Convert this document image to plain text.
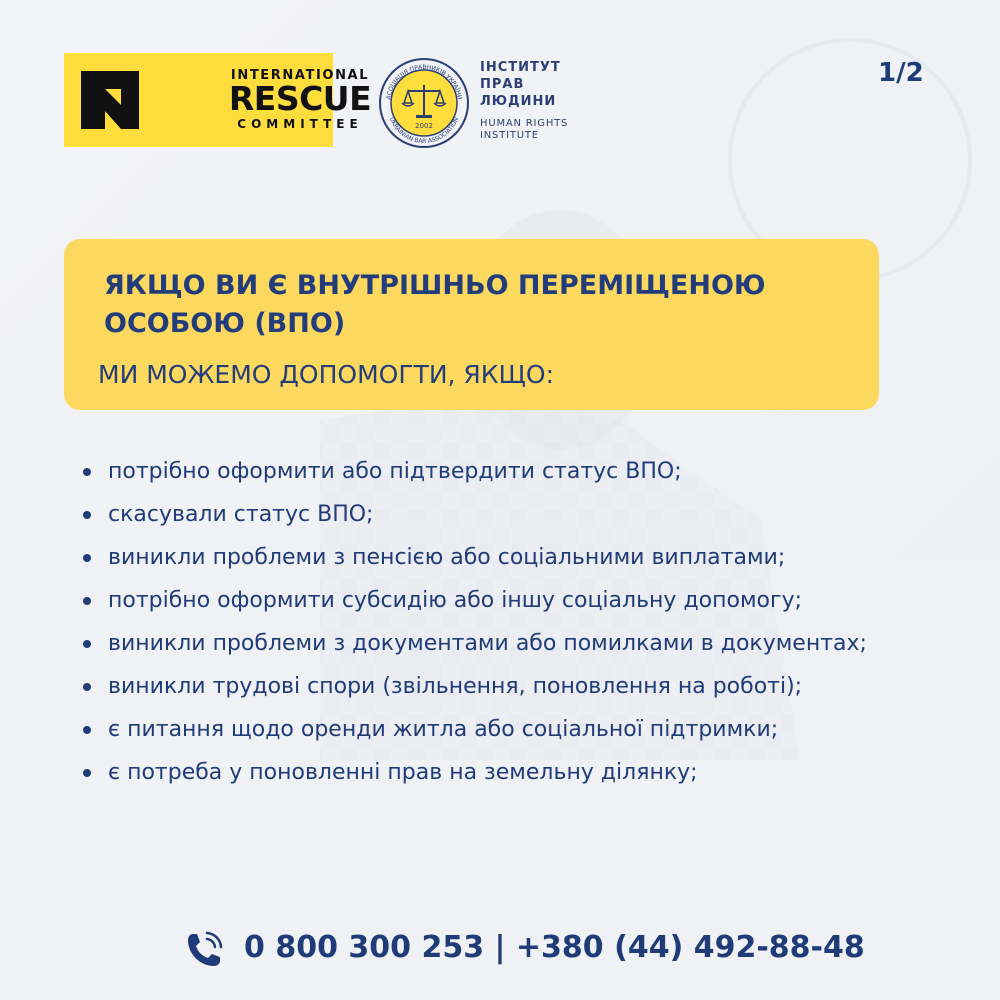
INTERNATIONAL
RESCUE
COMMITTEE	2002
АСОЦІАЦІЯ ПРАВНИКІВ УКРАЇНИ
UKRAINIAN BAR ASSOCIATION
ІНСТИТУТ
ПРАВ
ЛЮДИНИ
HUMAN RIGHTS
INSTITUTE
1/2
ЯКЩО ВИ Є ВНУТРІШНЬО ПЕРЕМІЩЕНОЮ ОСОБОЮ (ВПО)
МИ МОЖЕМО ДОПОМОГТИ, ЯКЩО:
потрібно оформити або підтвердити статус ВПО;
скасували статус ВПО;
виникли проблеми з пенсією або соціальними виплатами;
потрібно оформити субсидію або іншу соціальну допомогу;
виникли проблеми з документами або помилками в документах;
виникли трудові спори (звільнення, поновлення на роботі);
є питання щодо оренди житла або соціальної підтримки;
є потреба у поновленні прав на земельну ділянку;
0 800 300 253 | +380 (44) 492-88-48
